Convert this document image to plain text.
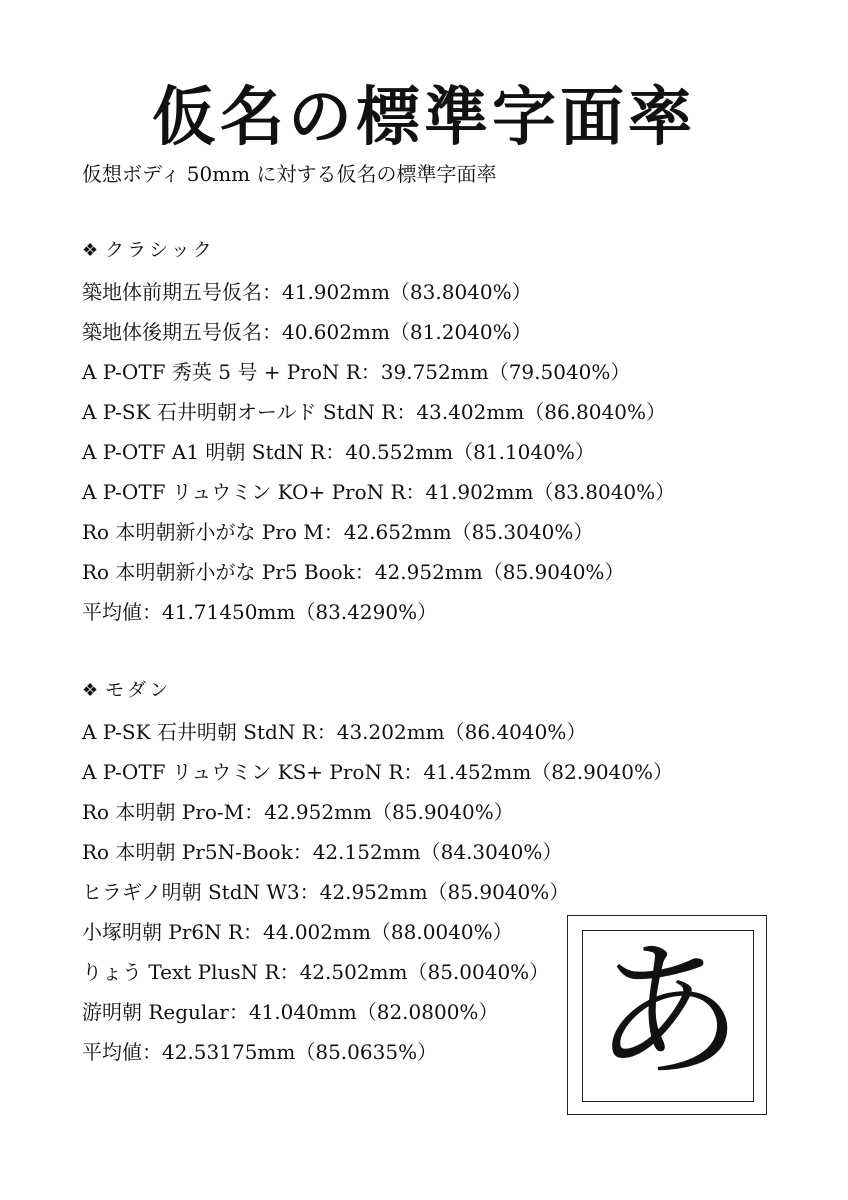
仮名の標準字面率
仮想ボディ 50mm に対する仮名の標準字面率
❖ クラシック
築地体前期五号仮名：41.902mm（83.8040%）
築地体後期五号仮名：40.602mm（81.2040%）
A P-OTF 秀英 5 号 + ProN R：39.752mm（79.5040%）
A P-SK 石井明朝オールド StdN R：43.402mm（86.8040%）
A P-OTF A1 明朝 StdN R：40.552mm（81.1040%）
A P-OTF リュウミン KO+ ProN R：41.902mm（83.8040%）
Ro 本明朝新小がな Pro M：42.652mm（85.3040%）
Ro 本明朝新小がな Pr5 Book：42.952mm（85.9040%）
平均値：41.71450mm（83.4290%）
❖ モダン
A P-SK 石井明朝 StdN R：43.202mm（86.4040%）
A P-OTF リュウミン KS+ ProN R：41.452mm（82.9040%）
Ro 本明朝 Pro-M：42.952mm（85.9040%）
Ro 本明朝 Pr5N-Book：42.152mm（84.3040%）
ヒラギノ明朝 StdN W3：42.952mm（85.9040%）
小塚明朝 Pr6N R：44.002mm（88.0040%）
りょう Text PlusN R：42.502mm（85.0040%）
游明朝 Regular：41.040mm（82.0800%）
平均値：42.53175mm（85.0635%）	あ
